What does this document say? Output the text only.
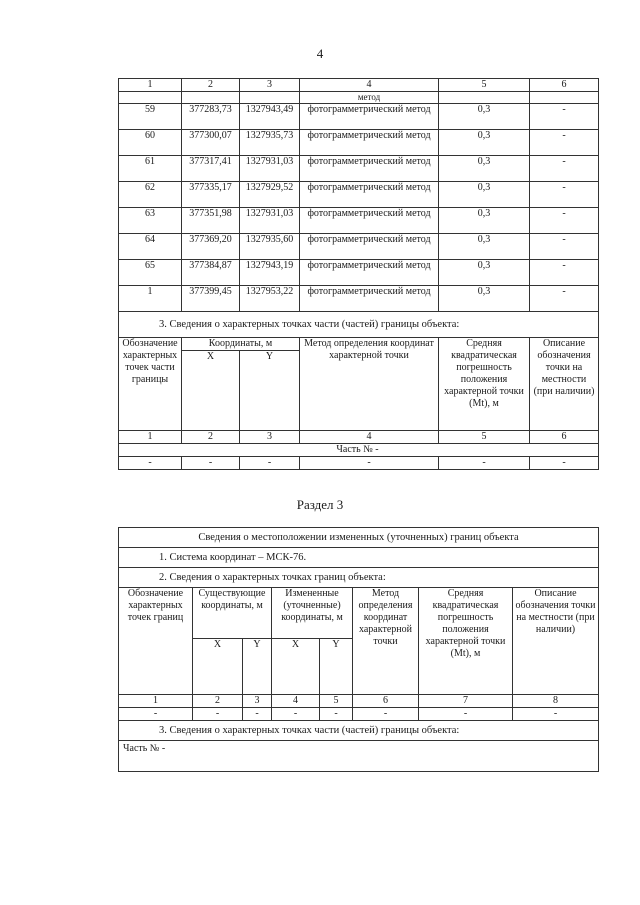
4
1	2	3	4	5	6
			метод		
59	377283,73	1327943,49	фотограмметрический метод	0,3	-
60	377300,07	1327935,73	фотограмметрический метод	0,3	-
61	377317,41	1327931,03	фотограмметрический метод	0,3	-
62	377335,17	1327929,52	фотограмметрический метод	0,3	-
63	377351,98	1327931,03	фотограмметрический метод	0,3	-
64	377369,20	1327935,60	фотограмметрический метод	0,3	-
65	377384,87	1327943,19	фотограмметрический метод	0,3	-
1	377399,45	1327953,22	фотограмметрический метод	0,3	-
3. Сведения о характерных точках части (частей) границы объекта:					
Обозначение характерных точек части границы	Координаты, м		Метод определения координат характерной точки	Средняя квадратическая погрешность положения характерной точки (Mt), м	Описание обозначения точки на местности (при наличии)
	X	Y			
1	2	3	4	5	6
Часть № -					
-	-	-	-	-	-
Раздел 3
Сведения о местоположении измененных (уточненных) границ объекта							
1. Система координат – МСК-76.							
2. Сведения о характерных точках границ объекта:							
Обозначение характерных точек границ	Существующие координаты, м		Измененные (уточненные) координаты, м		Метод определения координат характерной точки	Средняя квадратическая погрешность положения характерной точки (Mt), м	Описание обозначения точки на местности (при наличии)
	X	Y	X	Y			
1	2	3	4	5	6	7	8
-	-	-	-	-	-	-	-
3. Сведения о характерных точках части (частей) границы объекта:							
Часть № -							
